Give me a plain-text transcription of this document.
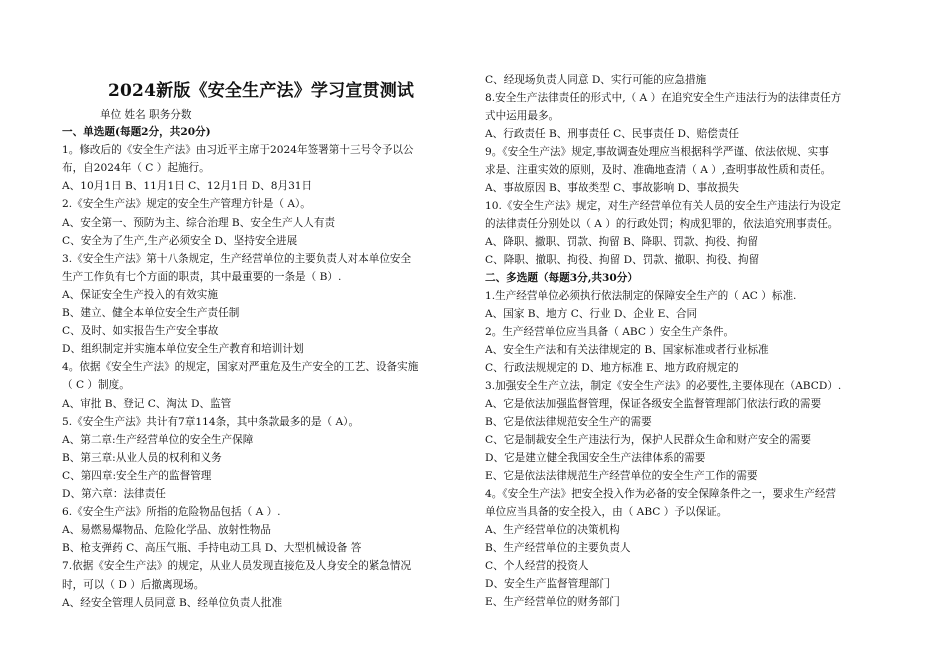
2024新版《安全生产法》学习宣贯测试
单位 姓名 职务分数
一、单选题(每题2分，共20分)
1。修改后的《安全生产法》由习近平主席于2024年签署第十三号令予以公
布，自2024年（ C ）起施行。
A、10月1日 B、11月1日 C、12月1日 D、8月31日
2.《安全生产法》规定的安全生产管理方针是（ A）。
A、安全第一、预防为主、综合治理 B、安全生产人人有责
C、安全为了生产,生产必须安全 D、坚持安全进展
3.《安全生产法》第十八条规定，生产经营单位的主要负责人对本单位安全
生产工作负有七个方面的职责，其中最重要的一条是（ B）.
A、保证安全生产投入的有效实施
B、建立、健全本单位安全生产责任制
C、及时、如实报告生产安全事故
D、组织制定并实施本单位安全生产教育和培训计划
4。依据《安全生产法》的规定，国家对严重危及生产安全的工艺、设备实施
（ C ）制度。
A、审批 B、登记 C、淘汰 D、监管
5.《安全生产法》共计有7章114条，其中条款最多的是（ A）。
A、第二章:生产经营单位的安全生产保障
B、第三章:从业人员的权利和义务
C、第四章:安全生产的监督管理
D、第六章：法律责任
6.《安全生产法》所指的危险物品包括（ A ）.
A、易燃易爆物品、危险化学品、放射性物品
B、枪支弹药 C、高压气瓶、手持电动工具 D、大型机械设备 答
7.依据《安全生产法》的规定，从业人员发现直接危及人身安全的紧急情况
时，可以（ D ）后撤离现场。
A、经安全管理人员同意 B、经单位负责人批准
C、经现场负责人同意 D、实行可能的应急措施
8.安全生产法律责任的形式中,（ A ）在追究安全生产违法行为的法律责任方
式中运用最多。
A、行政责任 B、刑事责任 C、民事责任 D、赔偿责任
9。《安全生产法》规定,事故调查处理应当根据科学严谨、依法依规、实事
求是、注重实效的原则，及时、准确地查清（ A ）,查明事故性质和责任。
A、事故原因 B、事故类型 C、事故影响 D、事故损失
10.《安全生产法》规定，对生产经营单位有关人员的安全生产违法行为设定
的法律责任分别处以（ A ）的行政处罚；构成犯罪的，依法追究刑事责任。
A、降职、撤职、罚款、拘留 B、降职、罚款、拘役、拘留
C、降职、撤职、拘役、拘留 D、罚款、撤职、拘役、拘留
二、多选题（每题3分,共30分）
1.生产经营单位必须执行依法制定的保障安全生产的（ AC ）标准.
A、国家 B、地方 C、行业 D、企业 E、合同
2。生产经营单位应当具备（ ABC ）安全生产条件。
A、安全生产法和有关法律规定的 B、国家标准或者行业标准
C、行政法规规定的 D、地方标准 E、地方政府规定的
3.加强安全生产立法，制定《安全生产法》的必要性,主要体现在（ABCD）.
A、它是依法加强监督管理，保证各级安全监督管理部门依法行政的需要
B、它是依法律规范安全生产的需要
C、它是制裁安全生产违法行为，保护人民群众生命和财产安全的需要
D、它是建立健全我国安全生产法律体系的需要
E、它是依法法律规范生产经营单位的安全生产工作的需要
4。《安全生产法》把安全投入作为必备的安全保障条件之一，要求生产经营
单位应当具备的安全投入，由（ ABC ）予以保证。
A、生产经营单位的决策机构
B、生产经营单位的主要负责人
C、个人经营的投资人
D、安全生产监督管理部门
E、生产经营单位的财务部门
